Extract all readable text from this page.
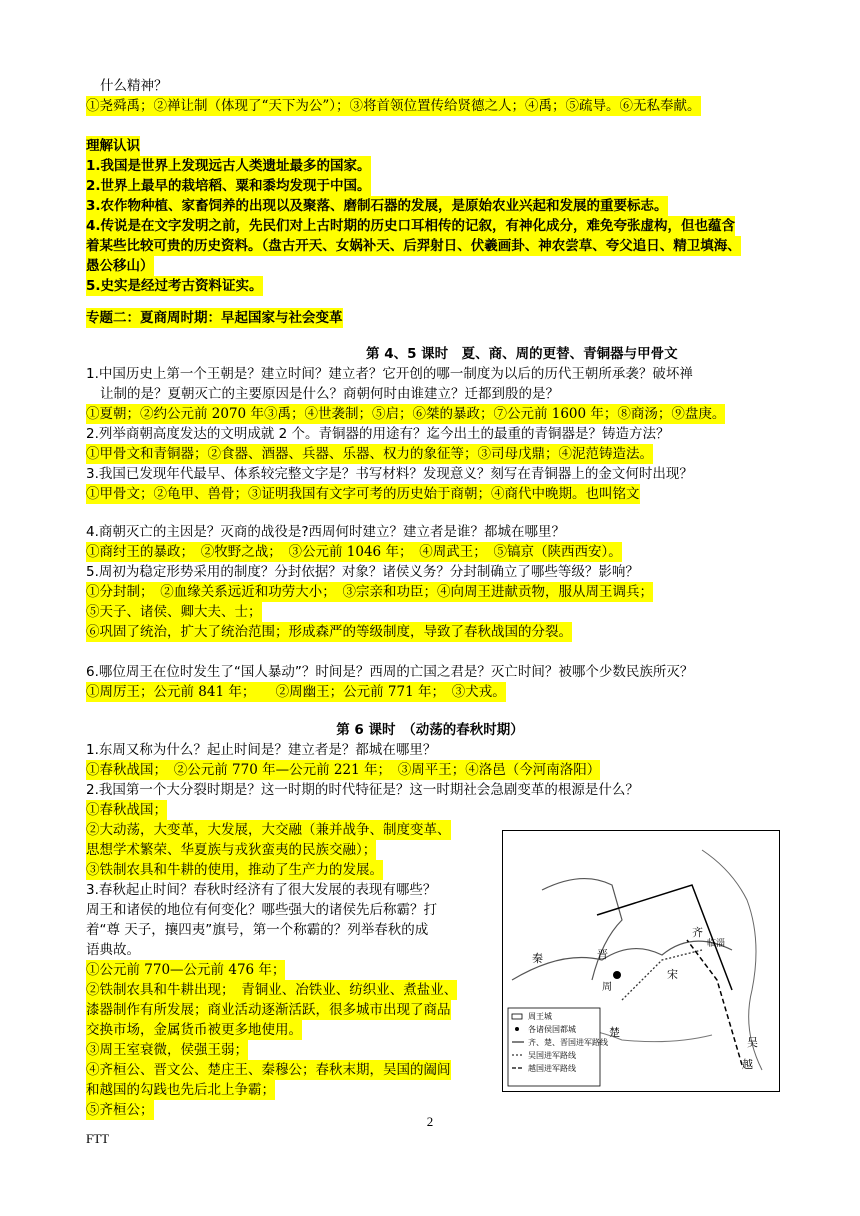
什么精神？
①尧舜禹；②禅让制（体现了“天下为公”）；③将首领位置传给贤德之人；④禹；⑤疏导。⑥无私奉献。
理解认识
1.我国是世界上发现远古人类遗址最多的国家。
2.世界上最早的栽培稻、粟和黍均发现于中国。
3.农作物种植、家畜饲养的出现以及聚落、磨制石器的发展，是原始农业兴起和发展的重要标志。
4.传说是在文字发明之前，先民们对上古时期的历史口耳相传的记叙，有神化成分，难免夸张虚构，但也蕴含
着某些比较可贵的历史资料。（盘古开天、女娲补天、后羿射日、伏羲画卦、神农尝草、夸父追日、精卫填海、
愚公移山）
5.史实是经过考古资料证实。
专题二：夏商周时期：早起国家与社会变革
第 4、5 课时　夏、商、周的更替、青铜器与甲骨文
1.中国历史上第一个王朝是？建立时间？建立者？它开创的哪一制度为以后的历代王朝所承袭？破坏禅
让制的是？夏朝灭亡的主要原因是什么？商朝何时由谁建立？迁都到殷的是？
①夏朝；②约公元前 2070 年③禹；④世袭制；⑤启；⑥桀的暴政；⑦公元前 1600 年；⑧商汤；⑨盘庚。
2.列举商朝高度发达的文明成就 2 个。青铜器的用途有？迄今出土的最重的青铜器是？铸造方法？
①甲骨文和青铜器；②食器、酒器、兵器、乐器、权力的象征等；③司母戊鼎；④泥范铸造法。
3.我国已发现年代最早、体系较完整文字是？书写材料？发现意义？刻写在青铜器上的金文何时出现？
①甲骨文；②龟甲、兽骨；③证明我国有文字可考的历史始于商朝；④商代中晚期。也叫铭文
4.商朝灭亡的主因是？灭商的战役是?西周何时建立？建立者是谁？都城在哪里？
①商纣王的暴政；　②牧野之战；　③公元前 1046 年；　④周武王；　⑤镐京（陕西西安）。
5.周初为稳定形势采用的制度？分封依据？对象？诸侯义务？分封制确立了哪些等级？影响？
①分封制；　②血缘关系远近和功劳大小；　③宗亲和功臣；④向周王进献贡物，服从周王调兵；
⑤天子、诸侯、卿大夫、士；
⑥巩固了统治，扩大了统治范围；形成森严的等级制度，导致了春秋战国的分裂。
6.哪位周王在位时发生了“国人暴动”？时间是？西周的亡国之君是？灭亡时间？被哪个少数民族所灭？
①周厉王；公元前 841 年；　　②周幽王；公元前 771 年；　③犬戎。
第 6 课时　（动荡的春秋时期）
1.东周又称为什么？起止时间是？建立者是？都城在哪里？
①春秋战国；　②公元前 770 年—公元前 221 年；　③周平王；④洛邑（今河南洛阳）
2.我国第一个大分裂时期是？这一时期的时代特征是？这一时期社会急剧变革的根源是什么？
①春秋战国；
②大动荡，大变革，大发展，大交融（兼并战争、制度变革、
思想学术繁荣、华夏族与戎狄蛮夷的民族交融）；
③铁制农具和牛耕的使用，推动了生产力的发展。
3.春秋起止时间？春秋时经济有了很大发展的表现有哪些？
周王和诸侯的地位有何变化？哪些强大的诸侯先后称霸？打
着“尊 天子，攘四夷”旗号，第一个称霸的？列举春秋的成
语典故。
①公元前 770—公元前 476 年；
②铁制农具和牛耕出现；　青铜业、冶铁业、纺织业、煮盐业、
漆器制作有所发展；商业活动逐渐活跃，很多城市出现了商品
交换市场，金属货币被更多地使用。
③周王室衰微，侯强王弱；
④齐桓公、晋文公、楚庄王、秦穆公；春秋末期，吴国的阖闾
和越国的勾践也先后北上争霸；
⑤齐桓公；
秦	晋
周
齐
临淄
宋
楚
吴
越
周王城
各诸侯国都城
齐、楚、晋国进军路线
吴国进军路线
越国进军路线
2
FTT
